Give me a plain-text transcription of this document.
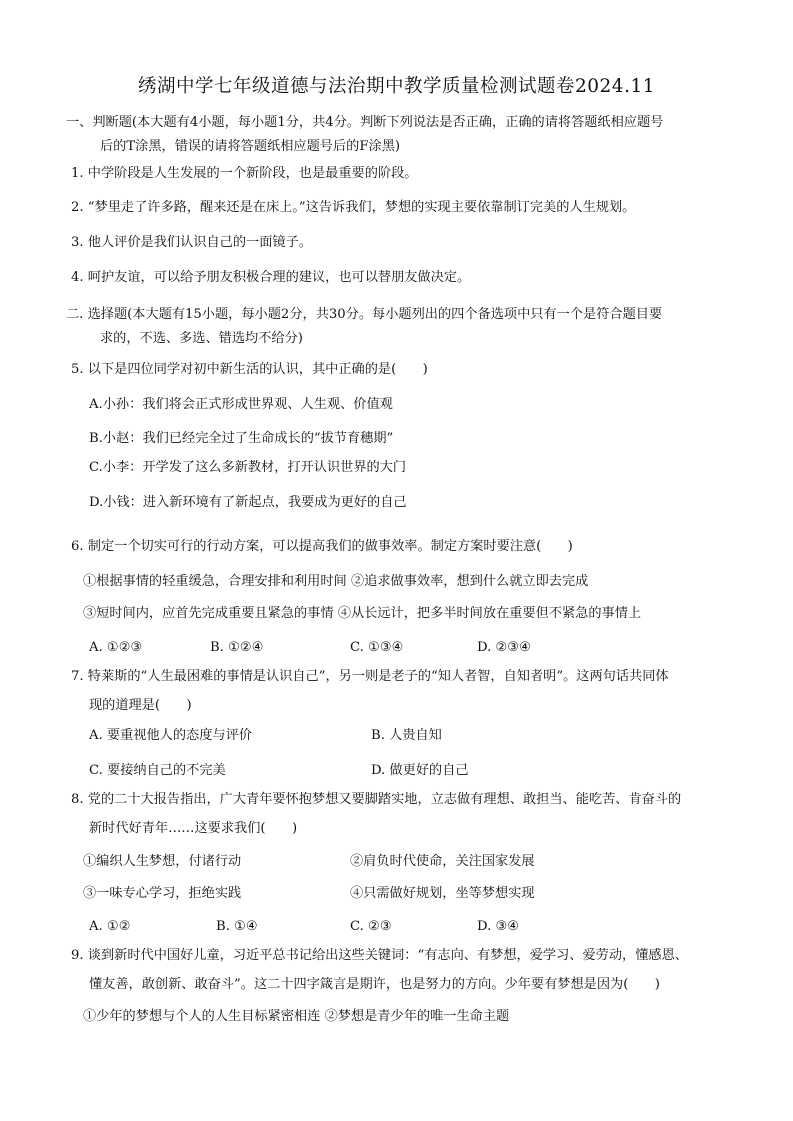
绣湖中学七年级道德与法治期中教学质量检测试题卷2024.11
一、判断题(本大题有4小题，每小题1分，共4分。判断下列说法是否正确，正确的请将答题纸相应题号
后的T涂黑，错误的请将答题纸相应题号后的F涂黑)
1. 中学阶段是人生发展的一个新阶段，也是最重要的阶段。
2. “梦里走了许多路，醒来还是在床上。”这告诉我们，梦想的实现主要依靠制订完美的人生规划。
3. 他人评价是我们认识自己的一面镜子。
4. 呵护友谊，可以给予朋友积极合理的建议，也可以替朋友做决定。
二. 选择题(本大题有15小题，每小题2分，共30分。每小题列出的四个备选项中只有一个是符合题目要
求的，不选、多选、错选均不给分)
5. 以下是四位同学对初中新生活的认识，其中正确的是(　　)
A.小孙：我们将会正式形成世界观、人生观、价值观
B.小赵：我们已经完全过了生命成长的“拔节育穗期”
C.小李：开学发了这么多新教材，打开认识世界的大门
D.小钱：进入新环境有了新起点，我要成为更好的自己
6. 制定一个切实可行的行动方案，可以提高我们的做事效率。制定方案时要注意(　　)
①根据事情的轻重缓急，合理安排和利用时间 ②追求做事效率，想到什么就立即去完成
③短时间内，应首先完成重要且紧急的事情 ④从长远计，把多半时间放在重要但不紧急的事情上
A. ①②③	B. ①②④	C. ①③④	D. ②③④
7. 特莱斯的“人生最困难的事情是认识自己”，另一则是老子的“知人者智，自知者明”。这两句话共同体
现的道理是(　　)
A. 要重视他人的态度与评价	B. 人贵自知
C. 要接纳自己的不完美	D. 做更好的自己
8. 党的二十大报告指出，广大青年要怀抱梦想又要脚踏实地，立志做有理想、敢担当、能吃苦、肯奋斗的
新时代好青年……这要求我们(　　)
①编织人生梦想，付诸行动	②肩负时代使命，关注国家发展
③一味专心学习，拒绝实践	④只需做好规划，坐等梦想实现
A. ①②	B. ①④	C. ②③	D. ③④
9. 谈到新时代中国好儿童，习近平总书记给出这些关键词：“有志向、有梦想，爱学习、爱劳动，懂感恩、
懂友善，敢创新、敢奋斗”。这二十四字箴言是期许，也是努力的方向。少年要有梦想是因为(　　)
①少年的梦想与个人的人生目标紧密相连 ②梦想是青少年的唯一生命主题
